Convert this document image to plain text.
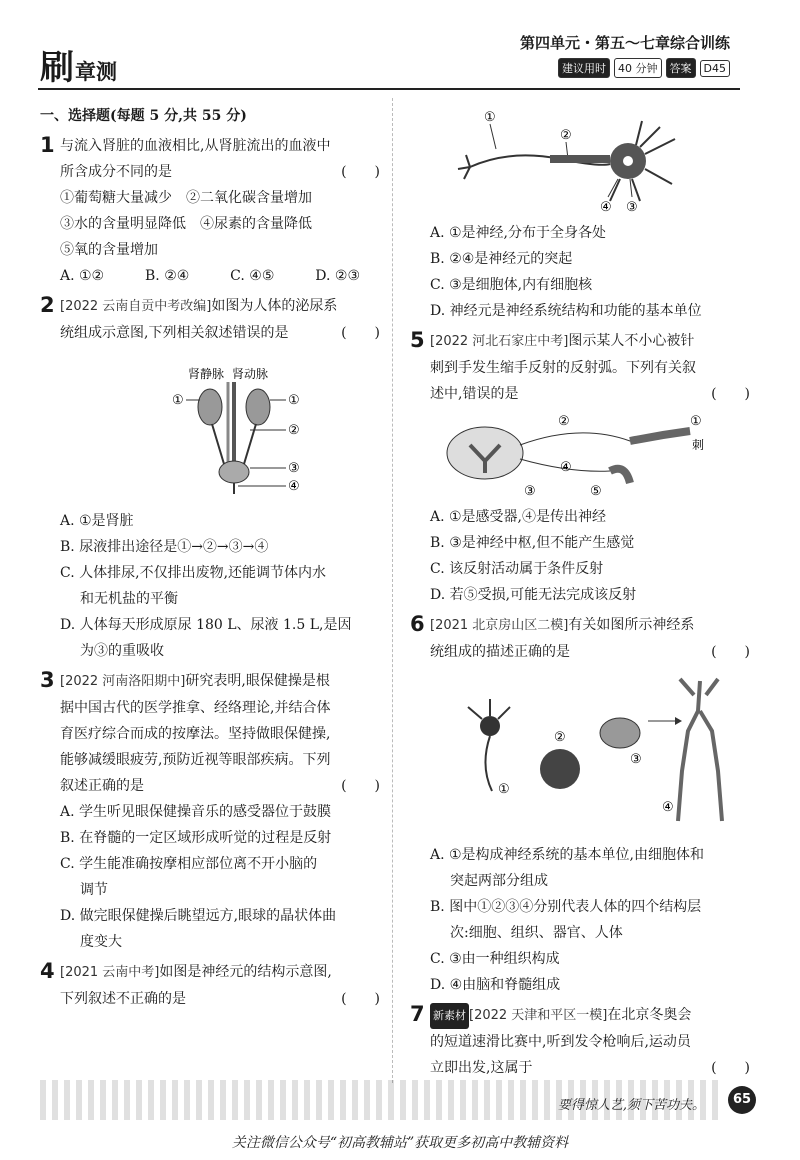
刷章测
第四单元・第五～七章综合训练
建议用时	40 分钟	答案	D45
一、选择题(每题 5 分,共 55 分)
1 与流入肾脏的血液相比,从肾脏流出的血液中
所含成分不同的是	(　　)
①葡萄糖大量减少　②二氧化碳含量增加
③水的含量明显降低　④尿素的含量降低
⑤氧的含量增加
A. ①②	B. ②④	C. ④⑤	D. ②③
2 [2022 云南自贡中考改编]如图为人体的泌尿系
统组成示意图,下列相关叙述错误的是	(　　)
肾静脉 肾动脉
①	①
②
③
④
A. ①是肾脏
B. 尿液排出途径是①→②→③→④
C. 人体排尿,不仅排出废物,还能调节体内水
和无机盐的平衡
D. 人体每天形成原尿 180 L、尿液 1.5 L,是因
为③的重吸收
3 [2022 河南洛阳期中]研究表明,眼保健操是根
据中国古代的医学推拿、经络理论,并结合体
育医疗综合而成的按摩法。坚持做眼保健操,
能够减缓眼疲劳,预防近视等眼部疾病。下列
叙述正确的是	(　　)
A. 学生听见眼保健操音乐的感受器位于鼓膜
B. 在脊髓的一定区域形成听觉的过程是反射
C. 学生能准确按摩相应部位离不开小脑的
调节
D. 做完眼保健操后眺望远方,眼球的晶状体曲
度变大
4 [2021 云南中考]如图是神经元的结构示意图,
下列叙述不正确的是	(　　)
①
②
④ ③
A. ①是神经,分布于全身各处
B. ②④是神经元的突起
C. ③是细胞体,内有细胞核
D. 神经元是神经系统结构和功能的基本单位
5 [2022 河北石家庄中考]图示某人不小心被针
刺到手发生缩手反射的反射弧。下列有关叙
述中,错误的是	(　　)
②	①
刺
④
③	⑤
A. ①是感受器,④是传出神经
B. ③是神经中枢,但不能产生感觉
C. 该反射活动属于条件反射
D. 若⑤受损,可能无法完成该反射
6 [2021 北京房山区二模]有关如图所示神经系
统组成的描述正确的是	(　　)
①
②
③
④
A. ①是构成神经系统的基本单位,由细胞体和
突起两部分组成
B. 图中①②③④分别代表人体的四个结构层
次:细胞、组织、器官、人体
C. ③由一种组织构成
D. ④由脑和脊髓组成
7 新素材 [2022 天津和平区一模]在北京冬奥会
的短道速滑比赛中,听到发令枪响后,运动员
立即出发,这属于	(　　)
要得惊人艺,须下苦功夫。	65
关注微信公众号“初高教辅站”获取更多初高中教辅资料
